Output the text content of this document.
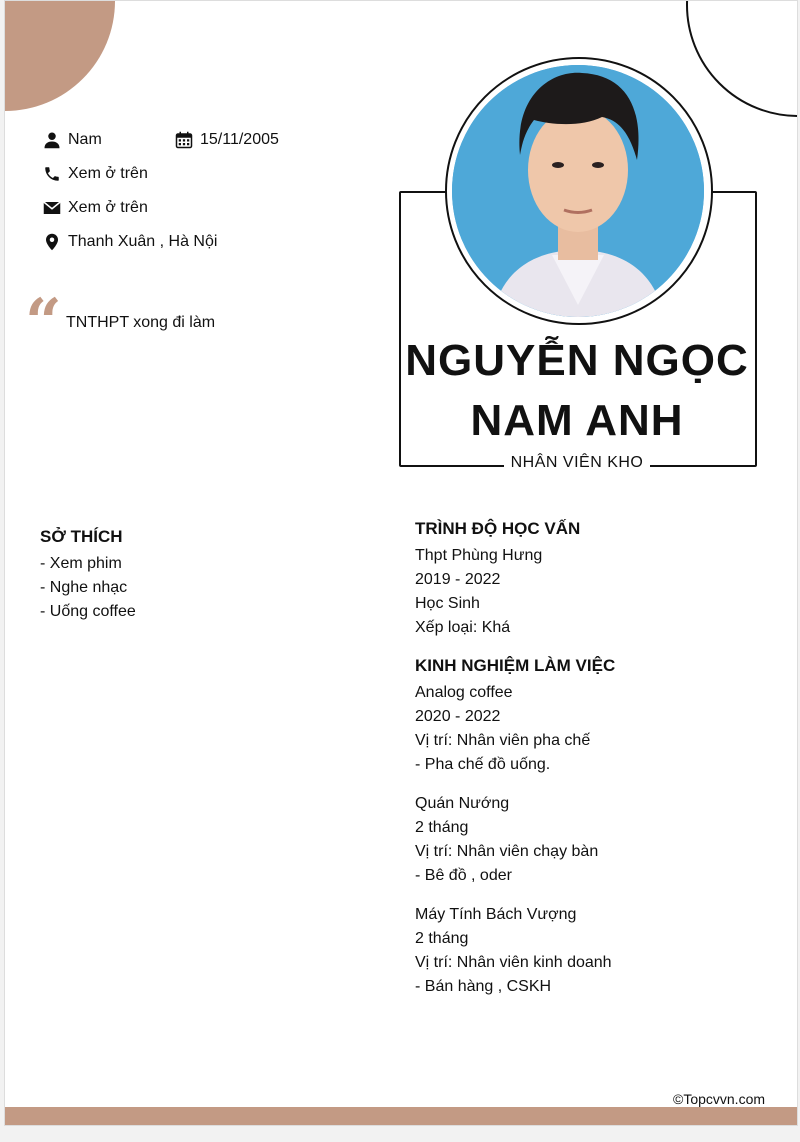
Nam	15/11/2005
Xem ở trên
Xem ở trên
Thanh Xuân , Hà Nội
“ TNTHPT xong đi làm
NGUYỄN NGỌC
NAM ANH
NHÂN VIÊN KHO
SỞ THÍCH
- Xem phim
- Nghe nhạc
- Uống coffee
TRÌNH ĐỘ HỌC VẤN
Thpt Phùng Hưng
2019 - 2022
Học Sinh
Xếp loại: Khá
KINH NGHIỆM LÀM VIỆC
Analog coffee
2020 - 2022
Vị trí: Nhân viên pha chế
- Pha chế đồ uống.
Quán Nướng
2 tháng
Vị trí: Nhân viên chạy bàn
- Bê đồ , oder
Máy Tính Bách Vượng
2 tháng
Vị trí: Nhân viên kinh doanh
- Bán hàng , CSKH
©Topcvvn.com
